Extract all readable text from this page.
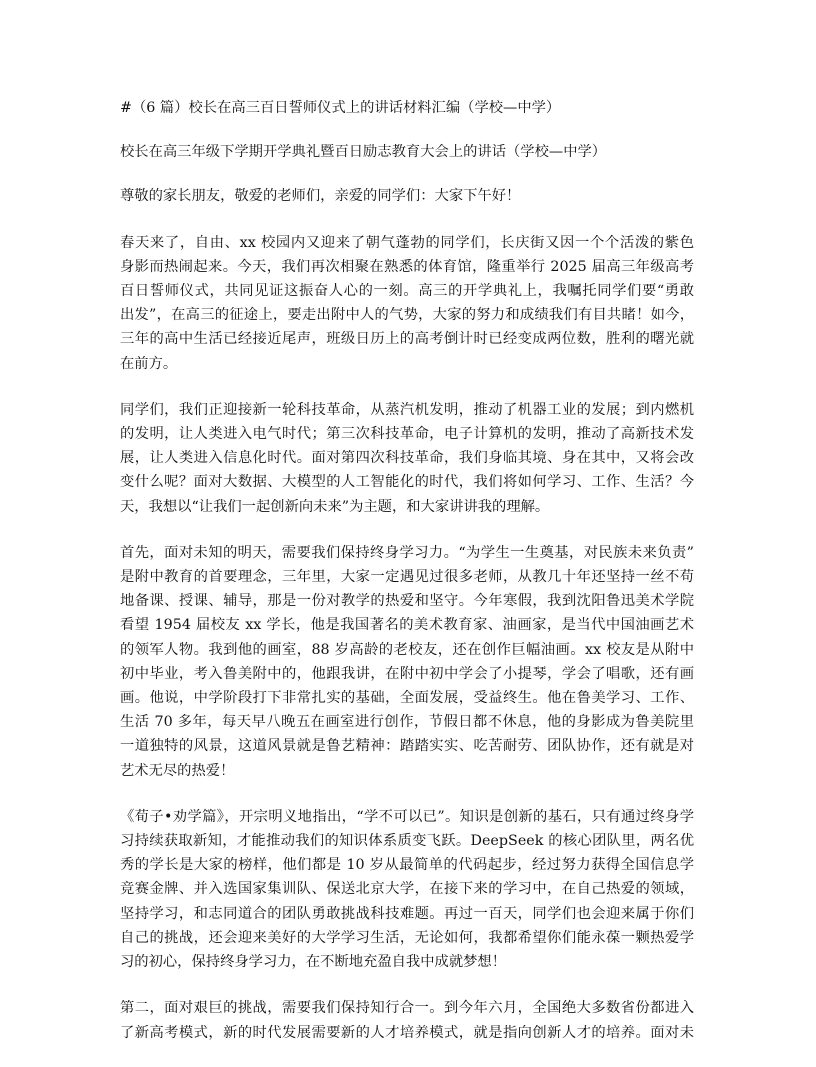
#（6 篇）校长在高三百日誓师仪式上的讲话材料汇编（学校—中学）
校长在高三年级下学期开学典礼暨百日励志教育大会上的讲话（学校—中学）
尊敬的家长朋友，敬爱的老师们，亲爱的同学们：大家下午好！
春天来了，自由、xx 校园内又迎来了朝气蓬勃的同学们，长庆街又因一个个活泼的紫色
身影而热闹起来。今天，我们再次相聚在熟悉的体育馆，隆重举行 2025 届高三年级高考
百日誓师仪式，共同见证这振奋人心的一刻。高三的开学典礼上，我嘱托同学们要“勇敢
出发”，在高三的征途上，要走出附中人的气势，大家的努力和成绩我们有目共睹！如今，
三年的高中生活已经接近尾声，班级日历上的高考倒计时已经变成两位数，胜利的曙光就
在前方。
同学们，我们正迎接新一轮科技革命，从蒸汽机发明，推动了机器工业的发展；到内燃机
的发明，让人类进入电气时代；第三次科技革命，电子计算机的发明，推动了高新技术发
展，让人类进入信息化时代。面对第四次科技革命，我们身临其境、身在其中，又将会改
变什么呢？面对大数据、大模型的人工智能化的时代，我们将如何学习、工作、生活？今
天，我想以“让我们一起创新向未来”为主题，和大家讲讲我的理解。
首先，面对未知的明天，需要我们保持终身学习力。“为学生一生奠基，对民族未来负责”
是附中教育的首要理念，三年里，大家一定遇见过很多老师，从教几十年还坚持一丝不苟
地备课、授课、辅导，那是一份对教学的热爱和坚守。今年寒假，我到沈阳鲁迅美术学院
看望 1954 届校友 xx 学长，他是我国著名的美术教育家、油画家，是当代中国油画艺术
的领军人物。我到他的画室，88 岁高龄的老校友，还在创作巨幅油画。xx 校友是从附中
初中毕业，考入鲁美附中的，他跟我讲，在附中初中学会了小提琴，学会了唱歌，还有画
画。他说，中学阶段打下非常扎实的基础，全面发展，受益终生。他在鲁美学习、工作、
生活 70 多年，每天早八晚五在画室进行创作，节假日都不休息，他的身影成为鲁美院里
一道独特的风景，这道风景就是鲁艺精神：踏踏实实、吃苦耐劳、团队协作，还有就是对
艺术无尽的热爱！
《荀子•劝学篇》，开宗明义地指出，“学不可以已”。知识是创新的基石，只有通过终身学
习持续获取新知，才能推动我们的知识体系质变飞跃。DeepSeek 的核心团队里，两名优
秀的学长是大家的榜样，他们都是 10 岁从最简单的代码起步，经过努力获得全国信息学
竞赛金牌、并入选国家集训队、保送北京大学，在接下来的学习中，在自己热爱的领域，
坚持学习，和志同道合的团队勇敢挑战科技难题。再过一百天，同学们也会迎来属于你们
自己的挑战，还会迎来美好的大学学习生活，无论如何，我都希望你们能永葆一颗热爱学
习的初心，保持终身学习力，在不断地充盈自我中成就梦想！
第二，面对艰巨的挑战，需要我们保持知行合一。到今年六月，全国绝大多数省份都进入
了新高考模式，新的时代发展需要新的人才培养模式，就是指向创新人才的培养。面对未
